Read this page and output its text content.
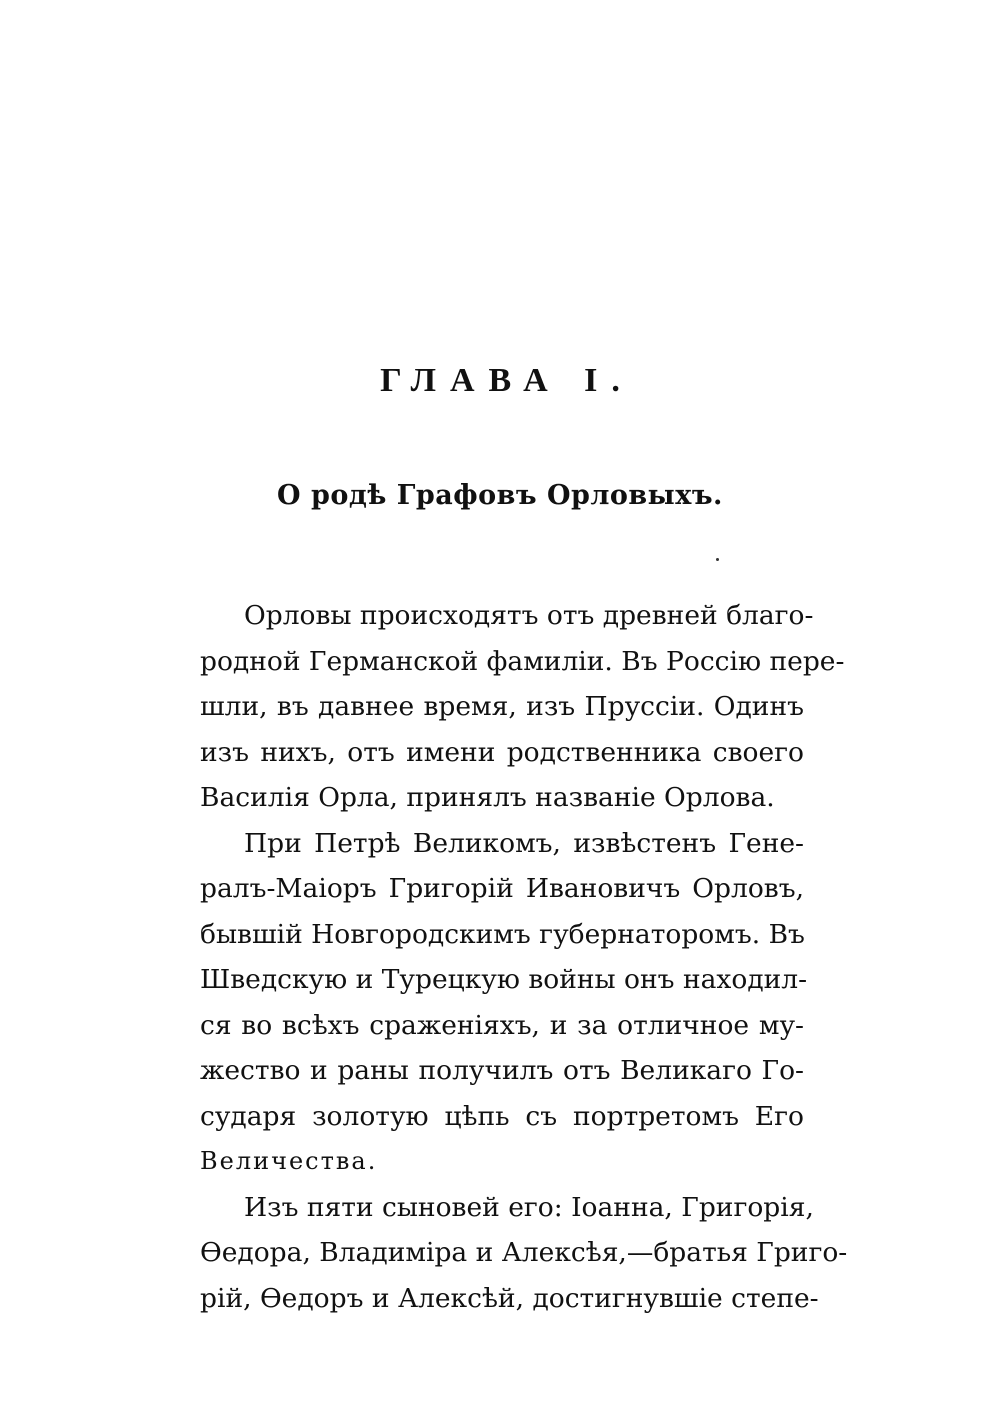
ГЛАВА I.
О родѣ Графовъ Орловыхъ.
Орловы происходятъ отъ древней благо-
родной Германской фамиліи. Въ Россію пере-
шли, въ давнее время, изъ Пруссіи. Одинъ
изъ нихъ, отъ имени родственника своего
Василія Орла, принялъ названіе Орлова.
При Петрѣ Великомъ, извѣстенъ Гене-
ралъ-Маіоръ Григорій Ивановичъ Орловъ,
бывшій Новгородскимъ губернаторомъ. Въ
Шведскую и Турецкую войны онъ находил-
ся во всѣхъ сраженіяхъ, и за отличное му-
жество и раны получилъ отъ Великаго Го-
сударя золотую цѣпь съ портретомъ Его
Величества.
Изъ пяти сыновей его: Іоанна, Григорія,
Ѳедора, Владиміра и Алексѣя,—братья Григо-
рій, Ѳедоръ и Алексѣй, достигнувшіе степе-
